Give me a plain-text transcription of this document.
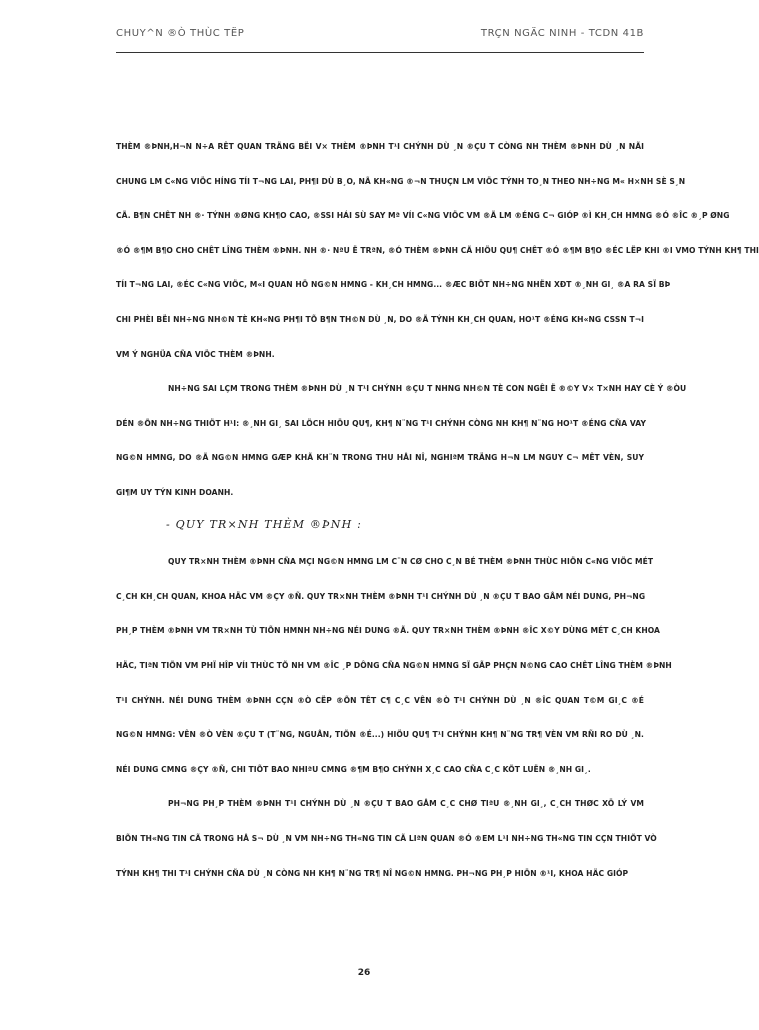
CHUY^N ®Ò THÙC TËP	TRÇN NGÄC NINH - TCDN 41B
THÈM ®ÞNH,H¬N N÷A RÊT QUAN TRÄNG BËI V× THÈM ®ÞNH T¹I CHÝNH DÙ ¸N ®ÇU T CÒNG NH THÈM ®ÞNH DÙ ¸N NÃI
CHUNG LΜ C«NG VIÖC HÍNG TÍI T¬NG LAI, PH¶I DÙ B¸O, NÃ KH«NG ®¬N THUÇN LΜ VIÖC TÝNH TO¸N THEO NH÷NG M« H×NH SÈ S¸N
CÃ. B¶N CHÊT NH ®· TÝNH ®ØNG KH¶O CAO, ®SSI HÁI SÙ SAY Mª VÍI C«NG VIÖC VΜ ®Ã LΜ ®ÉNG C¬ GIÓP ®Ì KH¸CH HΜNG ®Ó ®ÎC ®¸P ØNG
®Ó ®¶M B¶O CHO CHÊT LÎNG THÈM ®ÞNH. NH ®· NªU Ë TRªN, ®Ó THÈM ®ÞNH CÃ HIÖU QU¶ CHÊT ®Ó ®¶M B¶O ®ÉC LËP KHI ®I VΜO TÝNH KH¶ THI
TÍI T¬NG LAI, ®ÉC C«NG VIÖC, M«I QUAN HÖ NG©N HΜNG - KH¸CH HΜNG... ®ÆC BIÖT NH÷NG NHËN XÐT ®¸NH GI¸ ®A RA SÏ BÞ
CHI PHÈI BËI NH÷NG NH©N TÈ KH«NG PH¶I TÕ B¶N TH©N DÙ ¸N, DO ®Ã TÝNH KH¸CH QUAN, HO¹T ®ÉNG KH«NG CSSN T¬I
VΜ Ý NGHÜA CÑA VIÖC THÈM ®ÞNH.
NH÷NG SAI LÇM TRONG THÈM ®ÞNH DÙ ¸N T¹I CHÝNH ®ÇU T NHNG NH©N TÈ CON NGÊI Ë ®©Y V× T×NH HAY CÈ Ý ®ÒU
DÉN ®ÕN NH÷NG THIÖT H¹I: ®¸NH GI¸ SAI LÖCH HIÖU QU¶, KH¶ N¨NG T¹I CHÝNH CÒNG NH KH¶ N¨NG HO¹T ®ÉNG CÑA VAY
NG©N HΜNG, DO ®Ã NG©N HΜNG GÆP KHÃ KH¨N TRONG THU HÅI NÎ, NGHIªM TRÄNG H¬N LΜ NGUY C¬ MÊT VÈN, SUY
GI¶M UY TÝN KINH DOANH.
- QUY TR×NH THÈM ®ÞNH :
QUY TR×NH THÈM ®ÞNH CÑA MÇI NG©N HΜNG LΜ C¨N CØ CHO C¸N BÉ THÈM ®ÞNH THÙC HIÖN C«NG VIÖC MÉT
C¸CH KH¸CH QUAN, KHOA HÄC VΜ ®ÇY ®Ñ. QUY TR×NH THÈM ®ÞNH T¹I CHÝNH DÙ ¸N ®ÇU T BAO GÅM NÉI DUNG, PH¬NG
PH¸P THÈM ®ÞNH VΜ TR×NH TÙ TIÕN HΜNH NH÷NG NÉI DUNG ®Ã. QUY TR×NH THÈM ®ÞNH ®ÎC X©Y DÙNG MÉT C¸CH KHOA
HÄC, TIªN TIÕN VΜ PHÏ HÎP VÍI THÙC TÕ NH VΜ ®ÎC ¸P DÔNG CÑA NG©N HΜNG SÏ GÃP PHÇN N©NG CAO CHÊT LÎNG THÈM ®ÞNH
T¹I CHÝNH. NÉI DUNG THÈM ®ÞNH CÇN ®Ò CËP ®ÕN TÊT C¶ C¸C VÊN ®Ò T¹I CHÝNH DÙ ¸N ®ÎC QUAN T©M GI¸C ®É
NG©N HΜNG: VÊN ®Ò VÈN ®ÇU T (T¨NG, NGUÅN, TIÕN ®É...) HIÖU QU¶ T¹I CHÝNH KH¶ N¨NG TR¶ VÈN VΜ RÑI RO DÙ ¸N.
NÉI DUNG CΜNG ®ÇY ®Ñ, CHI TIÕT BAO NHIªU CΜNG ®¶M B¶O CHÝNH X¸C CAO CÑA C¸C KÕT LUËN ®¸NH GI¸.
PH¬NG PH¸P THÈM ®ÞNH T¹I CHÝNH DÙ ¸N ®ÇU T BAO GÅM C¸C CHØ TIªU ®¸NH GI¸, C¸CH THØC XÖ LÝ VΜ
BIÕN TH«NG TIN CÃ TRONG HÅ S¬ DÙ ¸N VΜ NH÷NG TH«NG TIN CÃ LIªN QUAN ®Ó ®EM L¹I NH÷NG TH«NG TIN CÇN THIÕT VÒ
TÝNH KH¶ THI T¹I CHÝNH CÑA DÙ ¸N CÒNG NH KH¶ N¨NG TR¶ NÎ NG©N HΜNG. PH¬NG PH¸P HIÖN ®¹I, KHOA HÄC GIÓP
26
